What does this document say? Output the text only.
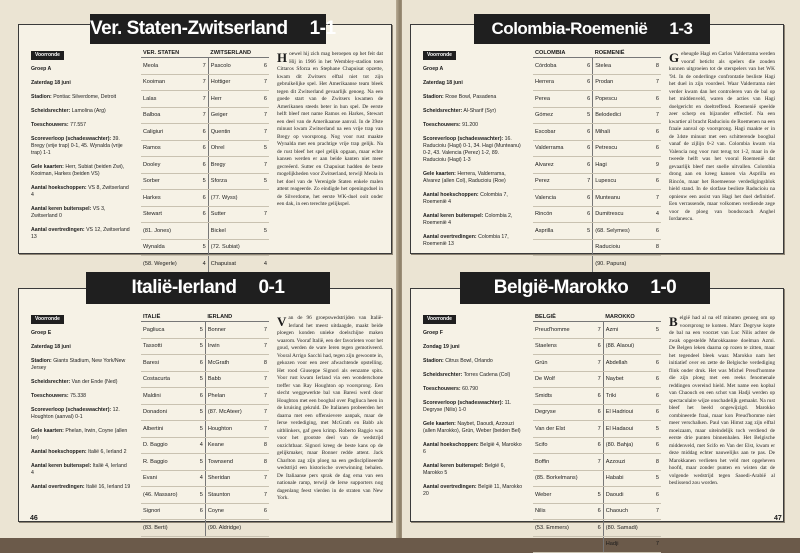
Voorronde

Groep A

Zaterdag 18 juni

Stadion: Pontiac Silverdome, Detroit

Scheidsrechter: Lamolina (Arg)

Toeschouwers: 77.557

Scoreverloop (schadeswachter): 39. Bregy (vrije trap) 0-1, 45. Wynalda (vrije trap) 1-1

Gele kaarten: Herr, Subiat (beiden Zwi), Kooiman, Harkes (beiden VS)

Aantal hoekschoppen: VS 8, Zwitserland 4

Aantal keren buitenspel: VS 3, Zwitserland 0

Aantal overtredingen: VS 12, Zwitserland 13

VER. STATEN		ZWITSERLAND	
Meola	7	Pascolo	6
Kooiman	7	Hottiger	7
Lalas	7	Herr	6
Balboa	7	Geiger	7
Caligiuri	6	Quentin	7
Ramos	6	Ohrel	5
Dooley	6	Bregy	7
Sorber	5	Sforza	5
Harkes	6	(77. Wyss)	
Stewart	6	Sutter	7
(81. Jones)		Bickel	5
Wynalda	5	(72. Subiat)	
(58. Wegerle)	4	Chapuisat	4
Hoewel hij zich mag beroepen op het feit dat Hij in 1966 in het Wembley-stadion toen Cittaros Sforza en Stephane Chapuisat opzette, kwam dit Zwitsers elftal niet tot zijn gebruikelijke spel. Het Amerikaanse team bleek tegen dit Zwitserland gevaarlijk genoeg. Na een goede start van de Zwitsers kwamen de Amerikanen steeds beter in hun spel. De eerste helft bleef met name Ramos en Harkes, Stewart een deel van de Amerikaanse aanval. In de 39ste minuut kwam Zwitserland na een vrije trap van Bregy op voorsprong. Nog voor rust maakte Wynalda met een prachtige vrije trap gelijk. Na de rust bleef het spel gelijk opgaan, maar echte kansen werden er aan beide kanten niet meer gecreëerd. Sutter en Chapuisat hadden de beste mogelijkheden voor Zwitserland, terwijl Meola in het doel van de Verenigde Staten enkele malen attent reageerde. Zo eindigde het openingsduel in de Silverdome, het eerste WK-duel ooit onder een dak, in een terechte gelijkspel.
Ver. Staten-Zwitserland 1-1
Voorronde

Groep A

Zaterdag 18 juni

Stadion: Rose Bowl, Pasadena

Scheidsrechter: Al-Sharif (Syr)

Toeschouwers: 91.200

Scoreverloop (schadeswachter): 16. Raducioiu (Hagi) 0-1, 34. Hagi (Munteanu) 0-2, 43. Valencia (Perez) 1-2, 89. Raducioiu (Hagi) 1-3

Gele kaarten: Herrera, Valderrama, Alvarez (allen Col), Raducioiu (Roe)

Aantal hoekschoppen: Colombia 7, Roemenië 4

Aantal keren buitenspel: Colombia 2, Roemenië 4

Aantal overtredingen: Colombia 17, Roemenië 13

COLOMBIA		ROEMENIË	
Córdoba	6	Stelea	8
Herrera	6	Prodan	7
Perea	6	Popescu	6
Gómez	5	Belodedici	7
Escobar	6	Mihali	6
Valderrama	6	Petrescu	6
Alvarez	6	Hagi	9
Perez	7	Lupescu	6
Valencia	6	Munteanu	7
Rincón	6	Dumitrescu	4
Asprilla	5	(68. Selymes)	6
		Raducioiu	8
		(90. Papura)	
Geheugde Hagi en Carlos Valderrama werden vooraf beticht als spelers die zouden kunnen uitgroeien tot de sterspelers van het WK '94. In de onderlinge confrontatie besliste Hagi het duel in zijn voordeel. Waar Valderrama niet verder kwam dan het controleren van de bal op het middenveld, waren de acties van Hagi doelgericht en doeltreffend. Roemenië speelde zeer scherp en bijzonder effectief. Na een kwartier al bracht Raducioiu de Roemenen na een fraaie aanval op voorsprong. Hagi maakte er in de 34ste minuut met een schitterende boogbal vanaf de zijlijn 0-2 van. Colombia kwam via Valencia nog voor rust terug tot 1-2, maar in de tweede helft was het vooral Roemenië dat gevaarlijk bleef met snelle uitvallen. Colombia drong aan en kreeg kansen via Asprilla en Rincón, maar het Roemeense verdedigingsblok hield stand. In de slotfase besliste Raducioiu na opnieuw een assist van Hagi het duel definitief. Een verrassende, maar volkomen verdiende zege voor de ploeg van bondscoach Anghel Iordanescu.
Colombia-Roemenië 1-3
Voorronde

Groep E

Zaterdag 18 juni

Stadion: Giants Stadium, New York/New Jersey

Scheidsrechter: Van der Ende (Ned)

Toeschouwers: 75.338

Scoreverloop (schadeswachter): 12. Houghton (aanval) 0-1

Gele kaarten: Phelan, Irwin, Coyne (allen Ier)

Aantal hoekschoppen: Italië 6, Ierland 2

Aantal keren buitenspel: Italië 4, Ierland 4

Aantal overtredingen: Italië 16, Ierland 19

ITALIË		IERLAND	
Pagliuca	5	Bonner	7
Tassotti	5	Irwin	7
Baresi	6	McGrath	8
Costacurta	5	Babb	7
Maldini	6	Phelan	7
Donadoni	5	(87. McAteer)	7
Albertini	5	Houghton	7
D. Baggio	4	Keane	8
R. Baggio	5	Townsend	8
Evani	4	Sheridan	7
(46. Massaro)	5	Staunton	7
Signori	6	Coyne	6
(83. Berti)		(90. Aldridge)	
Van de 96 groepswedstrijden van Italië-Ierland het meest uitdaagde, maakt beide ploegen konden unieke doelschijne maken waarom. Vooraf Italië, een der favorieten voor het goud, werden de ware Ieren tegen gemotiveerd. Vooral Arrigo Sacchi had, tegen zijn gewoonte in, gekozen voor een zeer afwachtende opstelling. Het rood Giuseppe Signori als eenzame spits. Voor rust kwam Ierland via een wonderschone treffer van Ray Houghton op voorsprong. Een slecht weggewerkte bal van Baresi werd door Houghton met een boogbal over Pagliuca heen in de kruising gekruld. De Italianen probeerden het daarna met een offensievere aanpak, maar de Ierse verdediging, met McGrath en Babb als uitblinkers, gaf geen krimp. Roberto Baggio was voor het grootste deel van de wedstrijd onzichtbaar. Signori kreeg de beste kans op de gelijkmaker, maar Bonner redde attent. Jack Charlton zag zijn ploeg na een gedisciplineerde wedstrijd een historische overwinning behalen. De Italiaanse pers sprak de dag erna van een nationale ramp, terwijl de Ierse supporters nog dagenlang feest vierden in de straten van New York.
Italië-Ierland 0-1
Voorronde

Groep F

Zondag 19 juni

Stadion: Citrus Bowl, Orlando

Scheidsrechter: Torres Cadena (Col)

Toeschouwers: 60.790

Scoreverloop (schadeswachter): 11. Degryse (Nilis) 1-0

Gele kaarten: Naybet, Daoudi, Azzouzi (allen Marokko), Grün, Weber (beiden Bel)

Aantal hoekschoppen: België 4, Marokko 6

Aantal keren buitenspel: België 6, Marokko 5

Aantal overtredingen: België 11, Marokko 20

BELGIË		MAROKKO	
Preud'homme	7	Azmi	5
Staelens	6	(88. Alaoui)	
Grün	7	Abdellah	6
De Wolf	7	Naybet	6
Smidts	6	Triki	6
Degryse	6	El Hadrioui	6
Van der Elst	7	El Hadaoui	5
Scifo	6	(80. Bahja)	6
Boffin	7	Azzouzi	8
(85. Borkelmans)		Hababi	5
Weber	5	Daoudi	6
Nilis	6	Chaouch	7
(53. Emmers)	6	(80. Samadi)	
		Hadji	7
België had al na elf minuten genoeg om op voorsprong te komen. Marc Degryse kopte de bal na een voorzet van Luc Nilis achter de zwak opgestelde Marokkaanse doelman Azmi. De Belgen leken daarna op rozen te zitten, maar het tegendeel bleek waar. Marokko nam het initiatief over en zette de Belgische verdediging flink onder druk. Het was Michel Preud'homme die zijn ploeg met een reeks fenomenale reddingen overeind hield. Met name een kopbal van Chaouch en een schot van Hadji werden op spectaculaire wijze onschadelijk gemaakt. Na rust bleef het beeld ongewijzigd. Marokko combineerde fraai, maar kon Preud'homme niet meer verschalken. Paul van Himst zag zijn elftal moeizaam, maar uiteindelijk toch verdiend de eerste drie punten binnenhalen. Het Belgische middenveld, met Scifo en Van der Elst, kwam er deze middag echter nauwelijks aan te pas. De Marokkanen verlieten het veld met opgeheven hoofd, maar zonder punten en wisten dat de volgende wedstrijd tegen Saoedi-Arabië al beslissend zou worden.
België-Marokko 1-0
46	47
